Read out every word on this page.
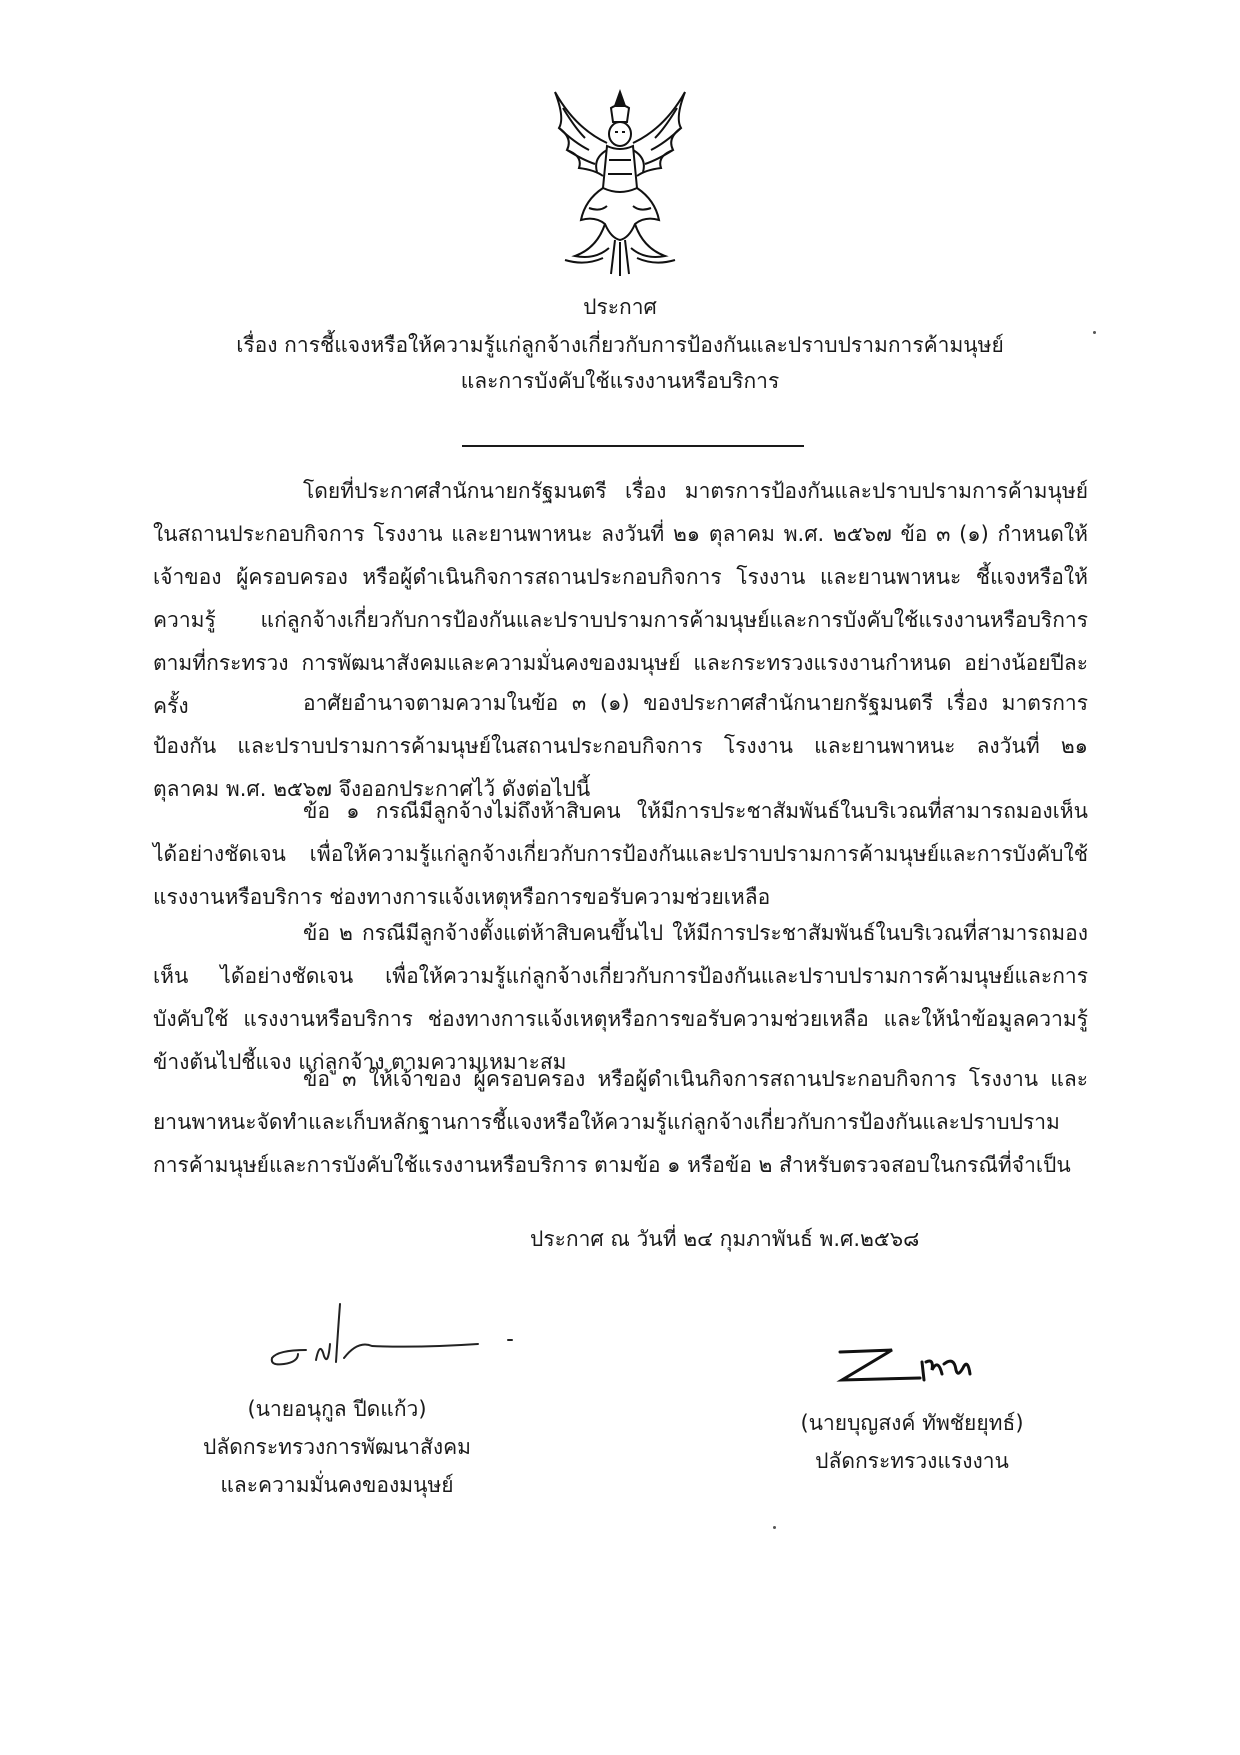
ประกาศ
เรื่อง การชี้แจงหรือให้ความรู้แก่ลูกจ้างเกี่ยวกับการป้องกันและปราบปรามการค้ามนุษย์
และการบังคับใช้แรงงานหรือบริการ

โดยที่ประกาศสำนักนายกรัฐมนตรี เรื่อง มาตรการป้องกันและปราบปรามการค้ามนุษย์ ในสถานประกอบกิจการ โรงงาน และยานพาหนะ ลงวันที่ ๒๑ ตุลาคม พ.ศ. ๒๕๖๗ ข้อ ๓ (๑) กำหนดให้ เจ้าของ ผู้ครอบครอง หรือผู้ดำเนินกิจการสถานประกอบกิจการ โรงงาน และยานพาหนะ ชี้แจงหรือให้ความรู้ แก่ลูกจ้างเกี่ยวกับการป้องกันและปราบปรามการค้ามนุษย์และการบังคับใช้แรงงานหรือบริการ ตามที่กระทรวง การพัฒนาสังคมและความมั่นคงของมนุษย์ และกระทรวงแรงงานกำหนด อย่างน้อยปีละครั้ง	อาศัยอำนาจตามความในข้อ ๓ (๑) ของประกาศสำนักนายกรัฐมนตรี เรื่อง มาตรการป้องกัน และปราบปรามการค้ามนุษย์ในสถานประกอบกิจการ โรงงาน และยานพาหนะ ลงวันที่ ๒๑ ตุลาคม พ.ศ. ๒๕๖๗ จึงออกประกาศไว้ ดังต่อไปนี้

ข้อ ๑ กรณีมีลูกจ้างไม่ถึงห้าสิบคน ให้มีการประชาสัมพันธ์ในบริเวณที่สามารถมองเห็น ได้อย่างชัดเจน เพื่อให้ความรู้แก่ลูกจ้างเกี่ยวกับการป้องกันและปราบปรามการค้ามนุษย์และการบังคับใช้ แรงงานหรือบริการ ช่องทางการแจ้งเหตุหรือการขอรับความช่วยเหลือ

ข้อ ๒ กรณีมีลูกจ้างตั้งแต่ห้าสิบคนขึ้นไป ให้มีการประชาสัมพันธ์ในบริเวณที่สามารถมองเห็น ได้อย่างชัดเจน เพื่อให้ความรู้แก่ลูกจ้างเกี่ยวกับการป้องกันและปราบปรามการค้ามนุษย์และการบังคับใช้ แรงงานหรือบริการ ช่องทางการแจ้งเหตุหรือการขอรับความช่วยเหลือ และให้นำข้อมูลความรู้ข้างต้นไปชี้แจง แก่ลูกจ้าง ตามความเหมาะสม

ข้อ ๓ ให้เจ้าของ ผู้ครอบครอง หรือผู้ดำเนินกิจการสถานประกอบกิจการ โรงงาน และยานพาหนะจัดทำและเก็บหลักฐานการชี้แจงหรือให้ความรู้แก่ลูกจ้างเกี่ยวกับการป้องกันและปราบปราม การค้ามนุษย์และการบังคับใช้แรงงานหรือบริการ ตามข้อ ๑ หรือข้อ ๒ สำหรับตรวจสอบในกรณีที่จำเป็น

ประกาศ ณ วันที่ ๒๔ กุมภาพันธ์ พ.ศ.๒๕๖๘
(นายอนุกูล ปีดแก้ว)
ปลัดกระทรวงการพัฒนาสังคม
และความมั่นคงของมนุษย์
(นายบุญสงค์ ทัพชัยยุทธ์)
ปลัดกระทรวงแรงงาน
